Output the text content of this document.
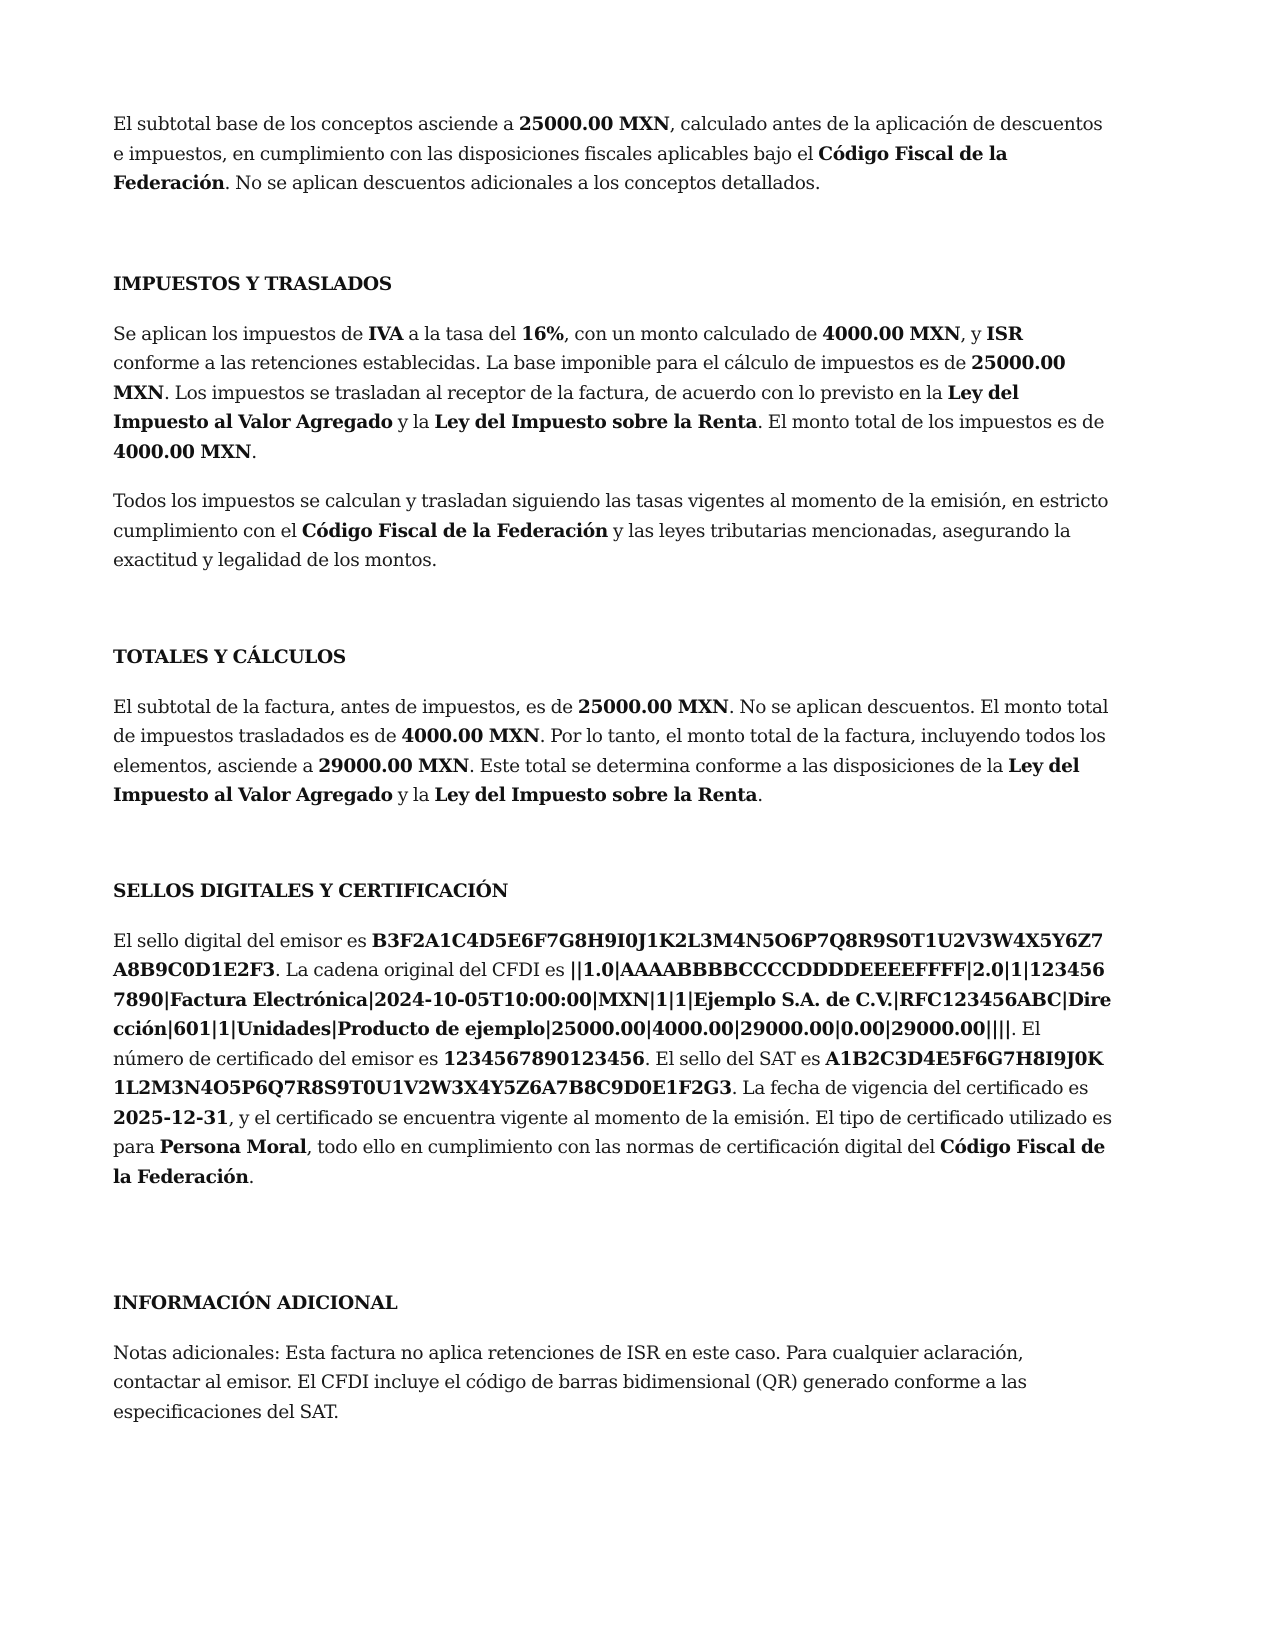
El subtotal base de los conceptos asciende a 25000.00 MXN, calculado antes de la aplicación de descuentos e impuestos, en cumplimiento con las disposiciones fiscales aplicables bajo el Código Fiscal de la Federación. No se aplican descuentos adicionales a los conceptos detallados.

IMPUESTOS Y TRASLADOS

Se aplican los impuestos de IVA a la tasa del 16%, con un monto calculado de 4000.00 MXN, y ISR conforme a las retenciones establecidas. La base imponible para el cálculo de impuestos es de 25000.00 MXN. Los impuestos se trasladan al receptor de la factura, de acuerdo con lo previsto en la Ley del Impuesto al Valor Agregado y la Ley del Impuesto sobre la Renta. El monto total de los impuestos es de 4000.00 MXN.

Todos los impuestos se calculan y trasladan siguiendo las tasas vigentes al momento de la emisión, en estricto cumplimiento con el Código Fiscal de la Federación y las leyes tributarias mencionadas, asegurando la exactitud y legalidad de los montos.

TOTALES Y CÁLCULOS

El subtotal de la factura, antes de impuestos, es de 25000.00 MXN. No se aplican descuentos. El monto total de impuestos trasladados es de 4000.00 MXN. Por lo tanto, el monto total de la factura, incluyendo todos los elementos, asciende a 29000.00 MXN. Este total se determina conforme a las disposiciones de la Ley del Impuesto al Valor Agregado y la Ley del Impuesto sobre la Renta.

SELLOS DIGITALES Y CERTIFICACIÓN

El sello digital del emisor es B3F2A1C4D5E6F7G8H9I0J1K2L3M4N5O6P7Q8R9S0T1U2V3W4X5Y6Z7A8B9C0D1E2F3. La cadena original del CFDI es ||1.0|AAAABBBBCCCCDDDDEEEEFFFF|2.0|1|1234567890|Factura Electrónica|2024-10-05T10:00:00|MXN|1|1|Ejemplo S.A. de C.V.|RFC123456ABC|Dirección|601|1|Unidades|Producto de ejemplo|25000.00|4000.00|29000.00|0.00|29000.00||||. El número de certificado del emisor es 1234567890123456. El sello del SAT es A1B2C3D4E5F6G7H8I9J0K1L2M3N4O5P6Q7R8S9T0U1V2W3X4Y5Z6A7B8C9D0E1F2G3. La fecha de vigencia del certificado es 2025-12-31, y el certificado se encuentra vigente al momento de la emisión. El tipo de certificado utilizado es para Persona Moral, todo ello en cumplimiento con las normas de certificación digital del Código Fiscal de la Federación.

INFORMACIÓN ADICIONAL

Notas adicionales: Esta factura no aplica retenciones de ISR en este caso. Para cualquier aclaración, contactar al emisor. El CFDI incluye el código de barras bidimensional (QR) generado conforme a las especificaciones del SAT.
